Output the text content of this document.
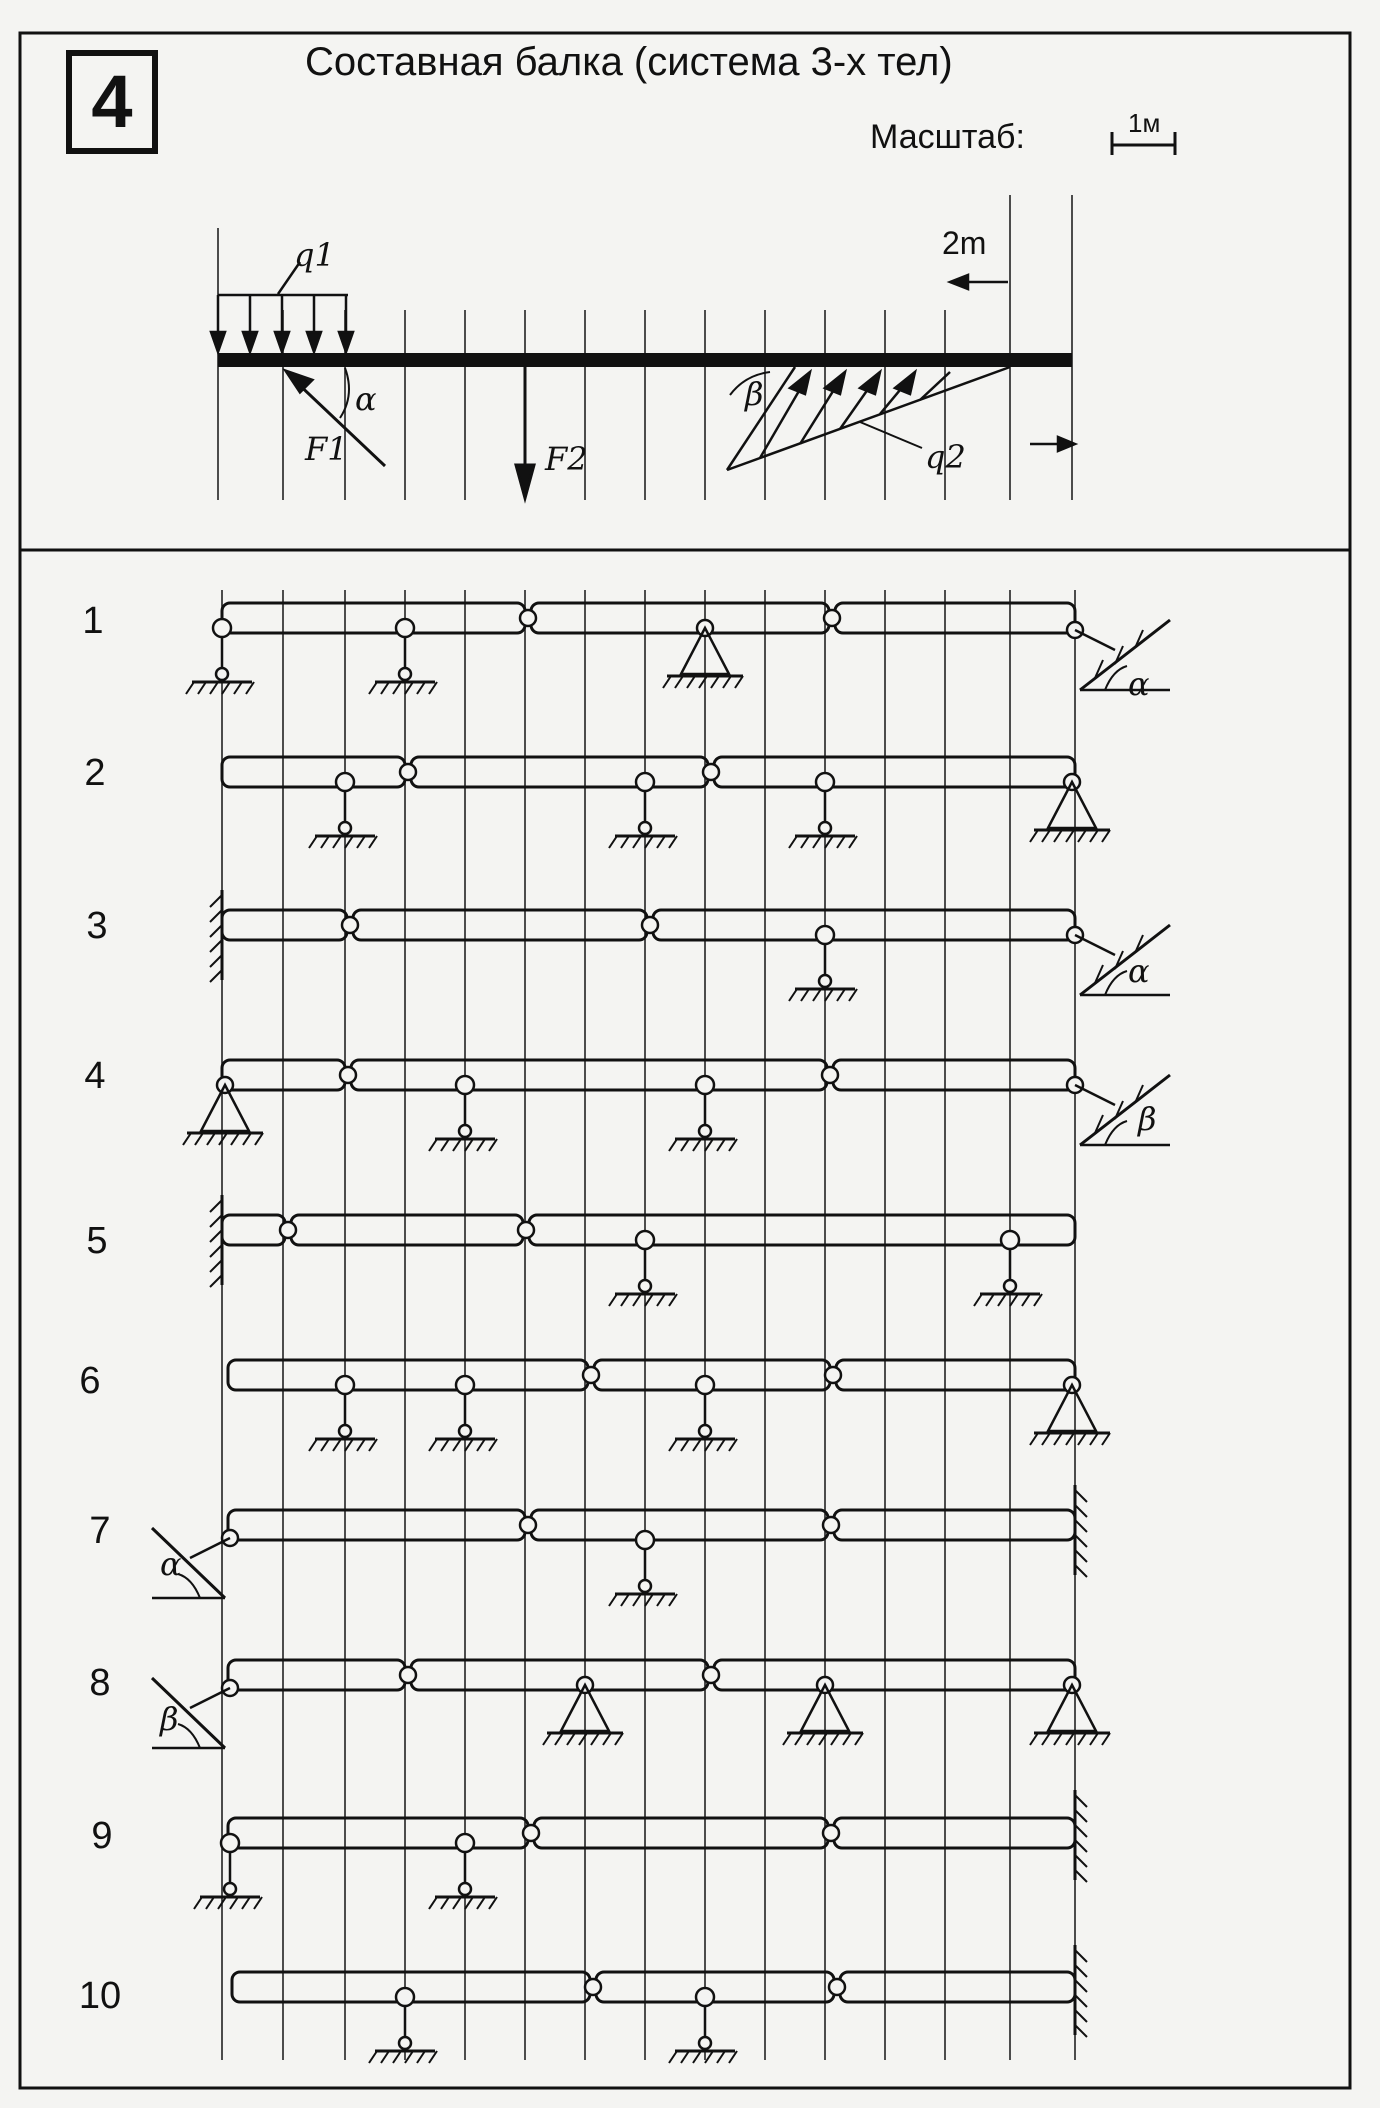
4	Составная балка (система 3-х тел)
Масштаб:	1м
q1
F1
α
F2
β
q2
2m
1
2
3
4
5
6
7
8
9
10
α
α
β
α
β
